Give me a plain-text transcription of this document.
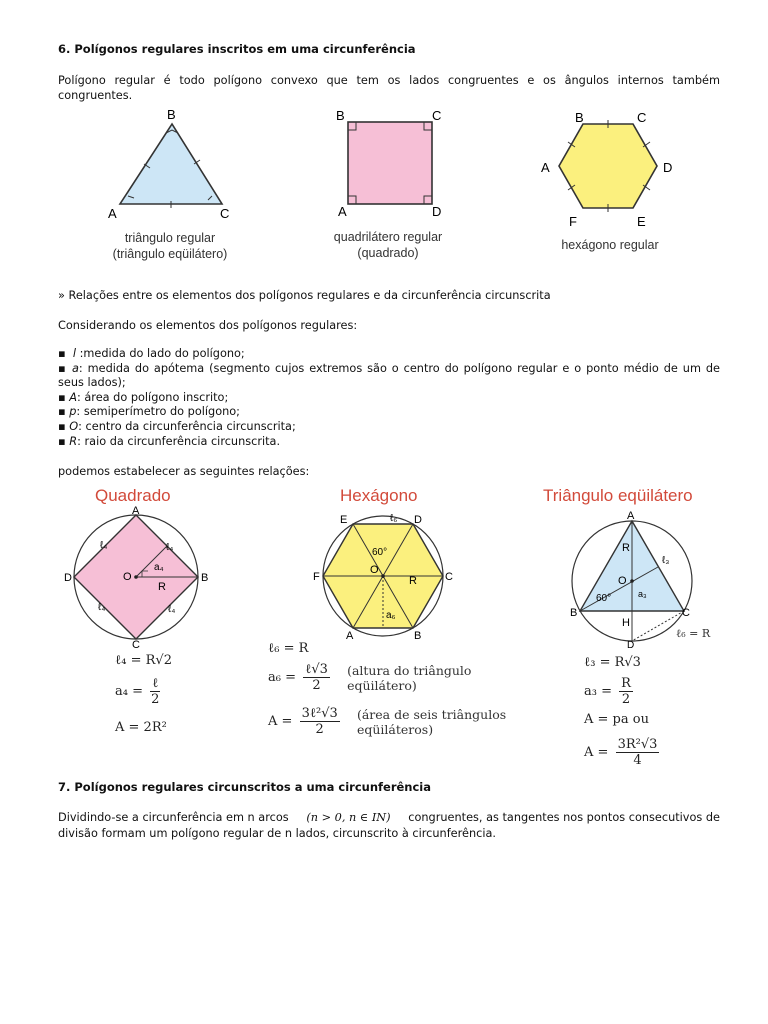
6. Polígonos regulares inscritos em uma circunferência
Polígono regular é todo polígono convexo que tem os lados congruentes e os ângulos internos também
congruentes.
B
A	C
triângulo regular
(triângulo eqüilátero)
B	C
A	D
quadrilátero regular
(quadrado)
B	C
A	D
F	E
hexágono regular
» Relações entre os elementos dos polígonos regulares e da circunferência circunscrita
Considerando os elementos dos polígonos regulares:
▪  l :medida do lado do polígono;
▪ a: medida do apótema (segmento cujos extremos são o centro do polígono regular e o ponto médio de um de
seus lados);
▪ A: área do polígono inscrito;
▪ p: semiperímetro do polígono;
▪ O: centro da circunferência circunscrita;
▪ R: raio da circunferência circunscrita.
podemos estabelecer as seguintes relações:
Quadrado
A
B
C
D	O
R
a₄
ℓ₄	ℓ₄
ℓ₄	ℓ₄
ℓ₄ = R√2
$a_4 = \frac{\text{ℓ}}{2}$
A = 2R²
Hexágono
E	D
F	C
A	B
O
R
60°
ℓ₆
a₆
ℓ₆ = R
$a_6 = \frac{\text{ℓ√3}}{2}$ (altura do triângulo
eqüilátero)
$A = \frac{\text{3ℓ²√3}}{2}$ (área de seis triângulos
eqüiláteros)
Triângulo eqüilátero
A
B	C
D
H
O
R
a₃
ℓ₃
60°
ℓ₆ = R
ℓ₃ = R√3
$a_3 = \frac{R}{2}$
A = pa ou
$A = \frac{\text{3R²√3}}{4}$
7. Polígonos regulares circunscritos a uma circunferência
Dividindo-se a circunferência em n arcos (n > 0, n ∈ IN) congruentes, as tangentes nos pontos consecutivos de
divisão formam um polígono regular de n lados, circunscrito à circunferência.
